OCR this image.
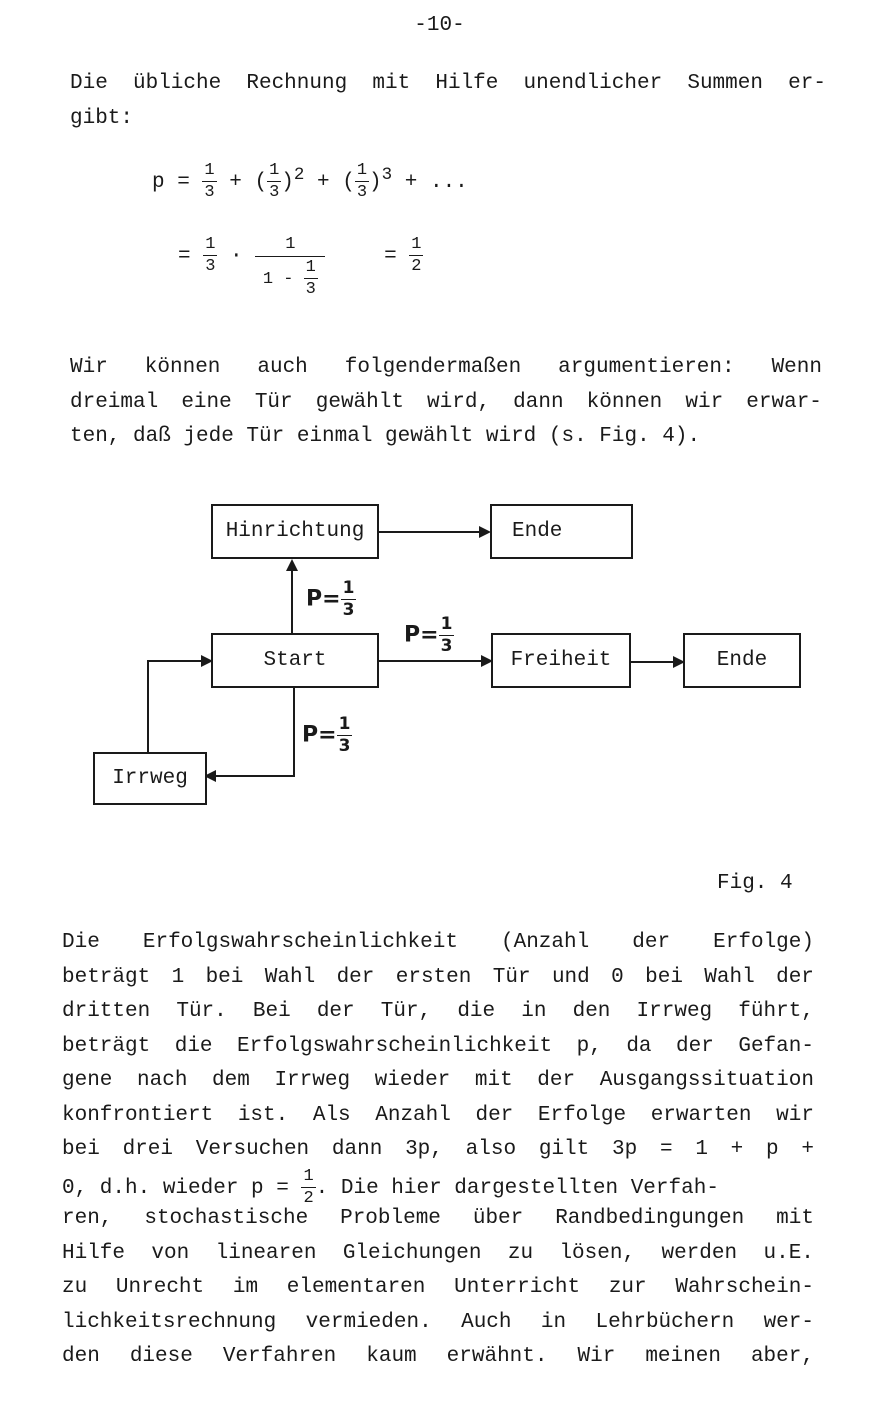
-10-
Die übliche Rechnung mit Hilfe unendlicher Summen er-
gibt:
$p = \frac{1}{3}$ + ( $\frac{1}{3} )^2$ + ( $\frac{1}{3} )^3$ + ...
= $\frac{1}{3} \cdot \frac{1}{1 - \frac{1}{3}}$	= $\frac{1}{2}$
Wir können auch folgendermaßen argumentieren: Wenn
dreimal eine Tür gewählt wird, dann können wir erwar-
ten, daß jede Tür einmal gewählt wird (s. Fig. 4).
Hinrichtung	Ende
Start	Freiheit	Ende
Irrweg
$P= \frac{1}{3}$
$P= \frac{1}{3}$
$P= \frac{1}{3}$
Fig. 4
Die Erfolgswahrscheinlichkeit (Anzahl der Erfolge)
beträgt 1 bei Wahl der ersten Tür und 0 bei Wahl der
dritten Tür. Bei der Tür, die in den Irrweg führt,
beträgt die Erfolgswahrscheinlichkeit p, da der Gefan-
gene nach dem Irrweg wieder mit der Ausgangssituation
konfrontiert ist. Als Anzahl der Erfolge erwarten wir
bei drei Versuchen dann 3p, also gilt 3p = 1 + p +
0, d.h. wieder $p = \frac{1}{2}$ . Die hier dargestellten Verfah-
ren, stochastische Probleme über Randbedingungen mit
Hilfe von linearen Gleichungen zu lösen, werden u.E.
zu Unrecht im elementaren Unterricht zur Wahrschein-
lichkeitsrechnung vermieden. Auch in Lehrbüchern wer-
den diese Verfahren kaum erwähnt. Wir meinen aber,
